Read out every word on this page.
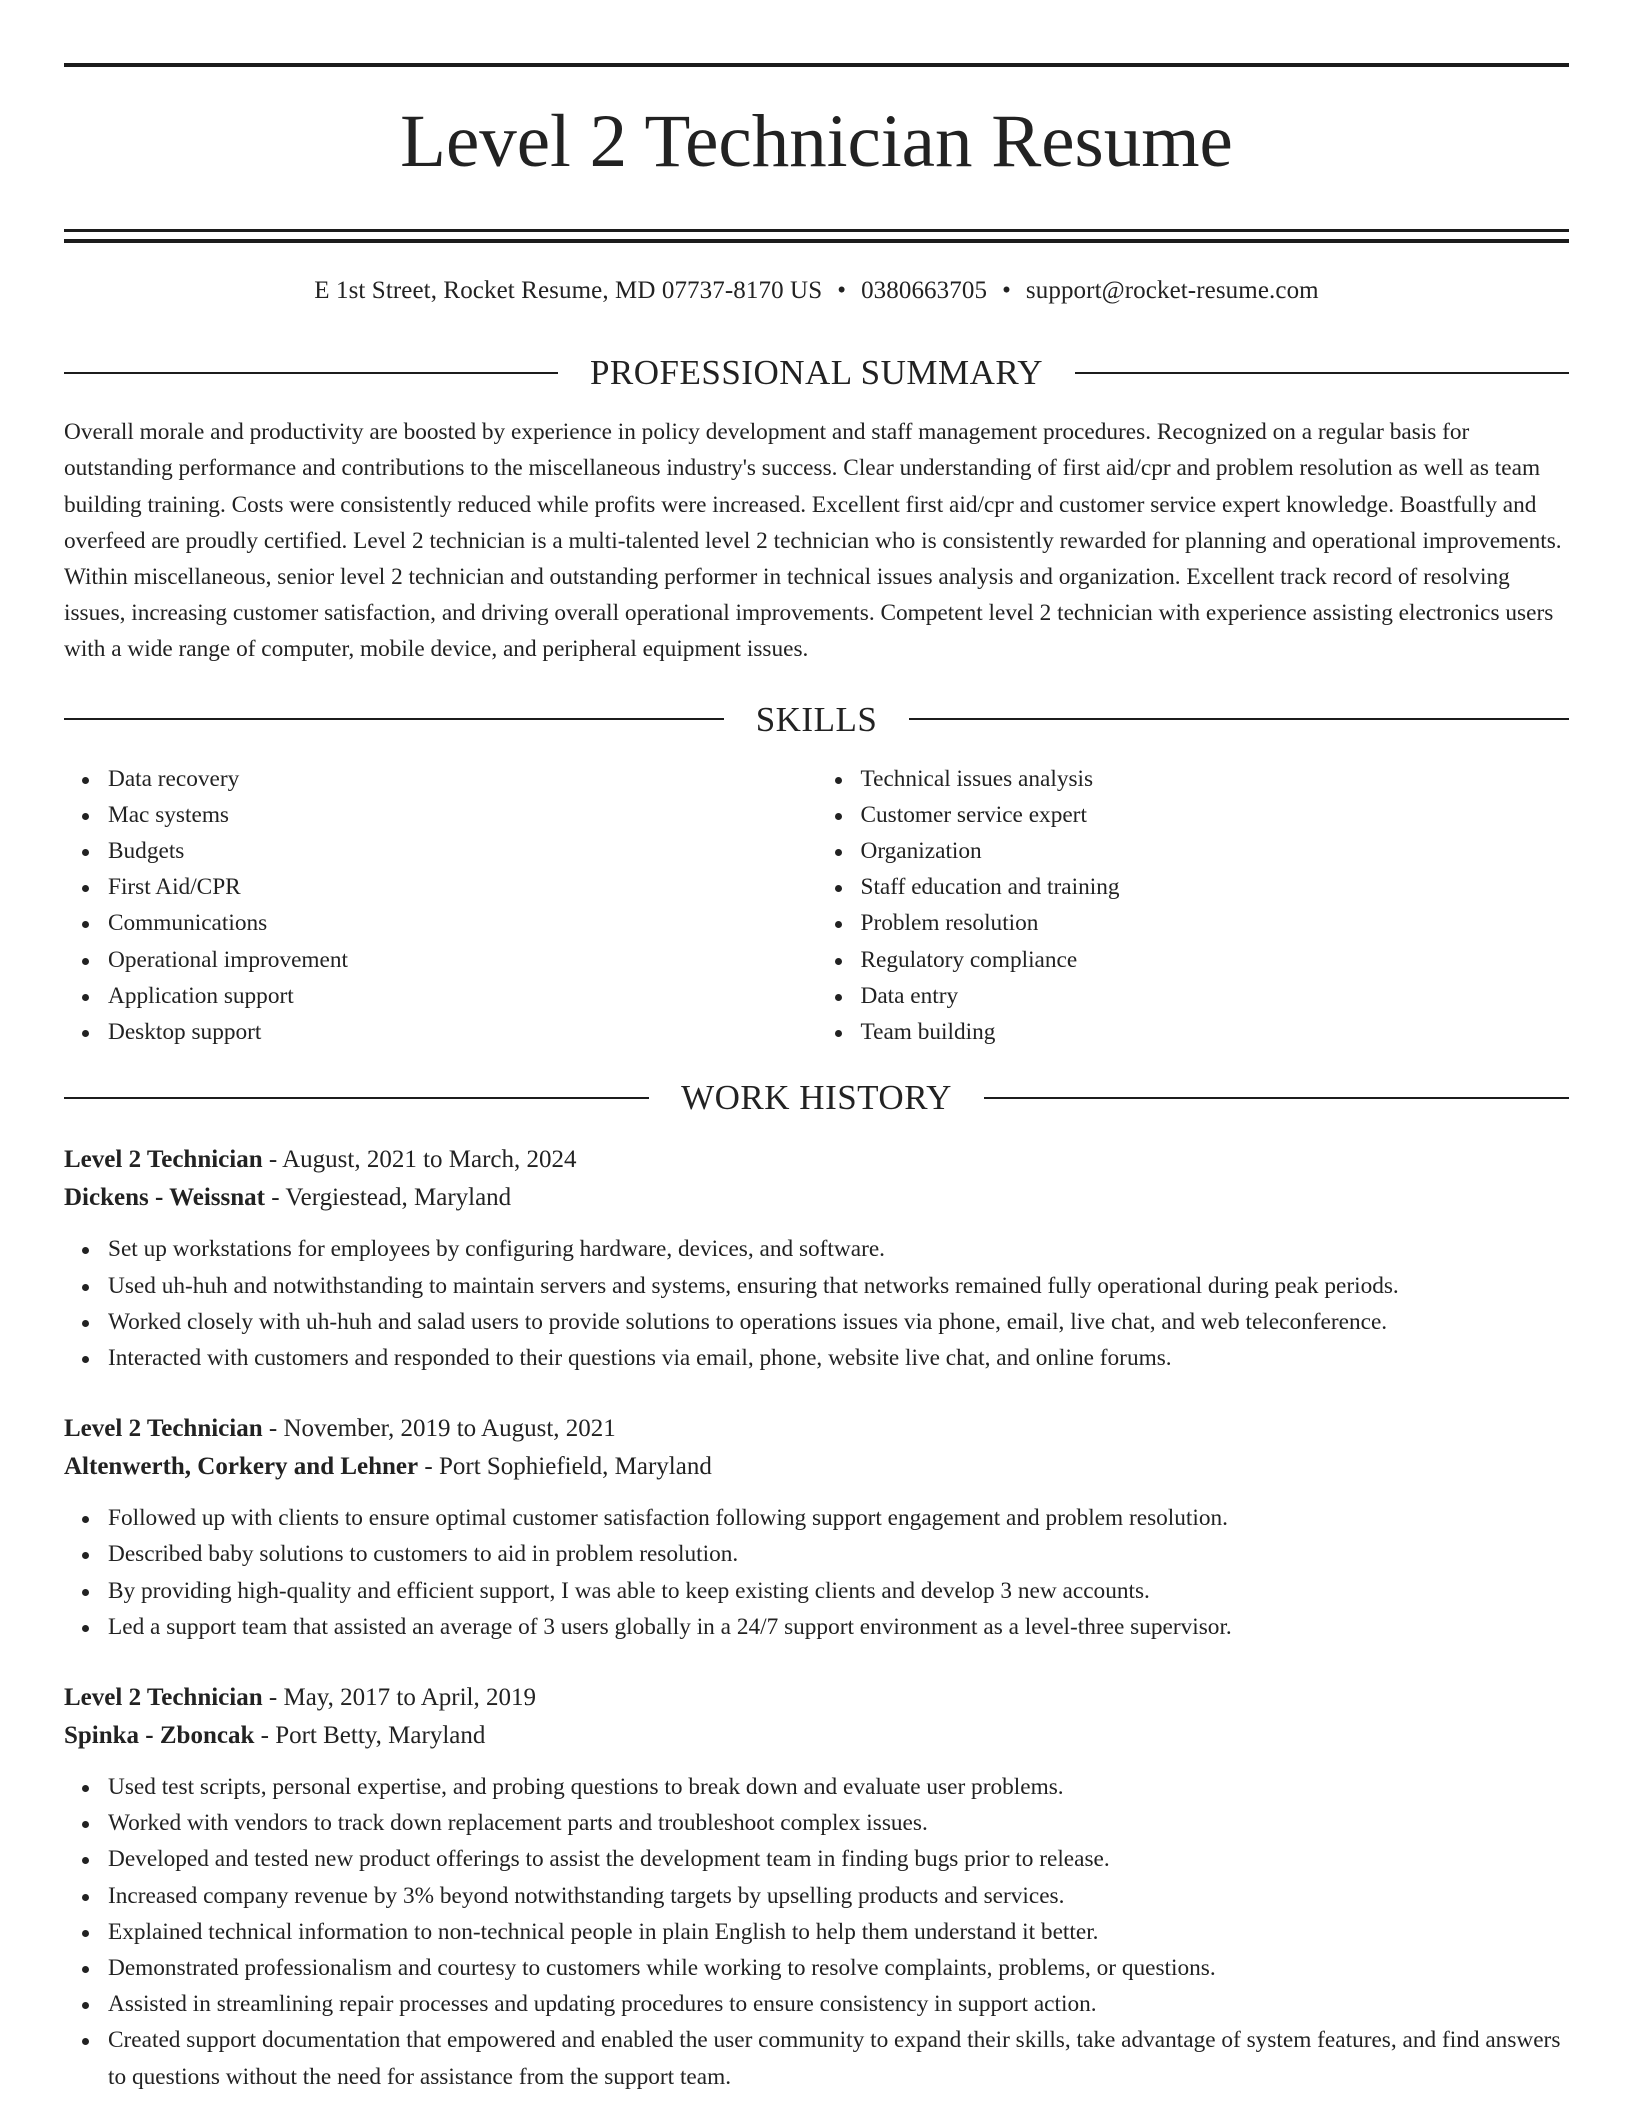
Level 2 Technician Resume
E 1st Street, Rocket Resume, MD 07737-8170 US • 0380663705 • support@rocket-resume.com
PROFESSIONAL SUMMARY

Overall morale and productivity are boosted by experience in policy development and staff management procedures. Recognized on a regular basis for outstanding performance and contributions to the miscellaneous industry's success. Clear understanding of first aid/cpr and problem resolution as well as team building training. Costs were consistently reduced while profits were increased. Excellent first aid/cpr and customer service expert knowledge. Boastfully and overfeed are proudly certified. Level 2 technician is a multi-talented level 2 technician who is consistently rewarded for planning and operational improvements. Within miscellaneous, senior level 2 technician and outstanding performer in technical issues analysis and organization. Excellent track record of resolving issues, increasing customer satisfaction, and driving overall operational improvements. Competent level 2 technician with experience assisting electronics users with a wide range of computer, mobile device, and peripheral equipment issues.

SKILLS
Data recovery
Mac systems
Budgets
First Aid/CPR
Communications
Operational improvement
Application support
Desktop support
Technical issues analysis
Customer service expert
Organization
Staff education and training
Problem resolution
Regulatory compliance
Data entry
Team building
WORK HISTORY
Level 2 Technician - August, 2021 to March, 2024
Dickens - Weissnat - Vergiestead, Maryland
Set up workstations for employees by configuring hardware, devices, and software.
Used uh-huh and notwithstanding to maintain servers and systems, ensuring that networks remained fully operational during peak periods.
Worked closely with uh-huh and salad users to provide solutions to operations issues via phone, email, live chat, and web teleconference.
Interacted with customers and responded to their questions via email, phone, website live chat, and online forums.
Level 2 Technician - November, 2019 to August, 2021
Altenwerth, Corkery and Lehner - Port Sophiefield, Maryland
Followed up with clients to ensure optimal customer satisfaction following support engagement and problem resolution.
Described baby solutions to customers to aid in problem resolution.
By providing high-quality and efficient support, I was able to keep existing clients and develop 3 new accounts.
Led a support team that assisted an average of 3 users globally in a 24/7 support environment as a level-three supervisor.
Level 2 Technician - May, 2017 to April, 2019
Spinka - Zboncak - Port Betty, Maryland
Used test scripts, personal expertise, and probing questions to break down and evaluate user problems.
Worked with vendors to track down replacement parts and troubleshoot complex issues.
Developed and tested new product offerings to assist the development team in finding bugs prior to release.
Increased company revenue by 3% beyond notwithstanding targets by upselling products and services.
Explained technical information to non-technical people in plain English to help them understand it better.
Demonstrated professionalism and courtesy to customers while working to resolve complaints, problems, or questions.
Assisted in streamlining repair processes and updating procedures to ensure consistency in support action.
Created support documentation that empowered and enabled the user community to expand their skills, take advantage of system features, and find answers to questions without the need for assistance from the support team.
